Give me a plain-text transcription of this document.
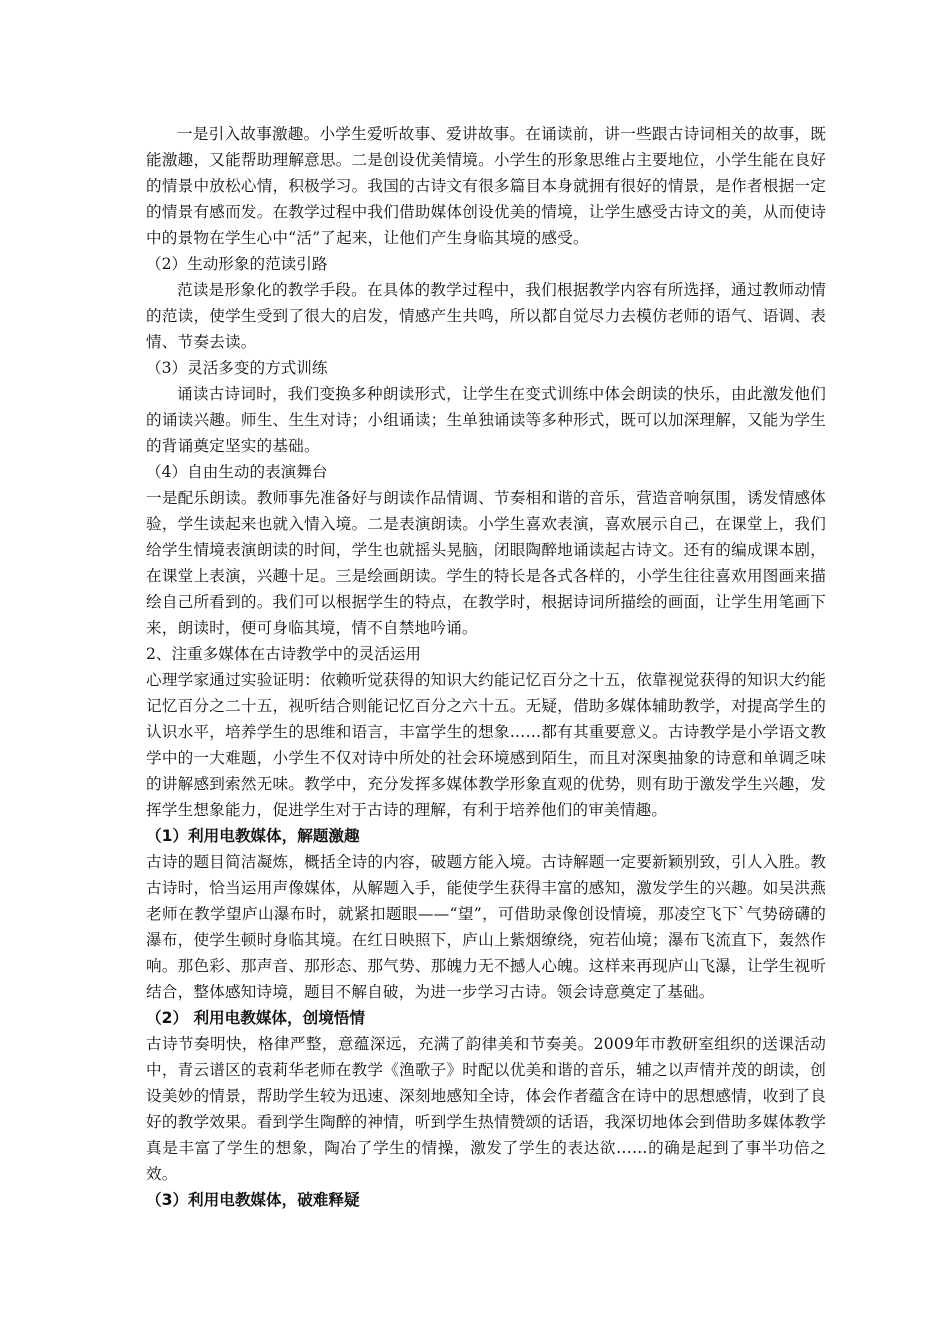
一是引入故事激趣。小学生爱听故事、爱讲故事。在诵读前，讲一些跟古诗词相关的故事，既能激趣，又能帮助理解意思。二是创设优美情境。小学生的形象思维占主要地位，小学生能在良好的情景中放松心情，积极学习。我国的古诗文有很多篇目本身就拥有很好的情景，是作者根据一定的情景有感而发。在教学过程中我们借助媒体创设优美的情境，让学生感受古诗文的美，从而使诗中的景物在学生心中“活”了起来，让他们产生身临其境的感受。

（2）生动形象的范读引路

范读是形象化的教学手段。在具体的教学过程中，我们根据教学内容有所选择，通过教师动情的范读，使学生受到了很大的启发，情感产生共鸣，所以都自觉尽力去模仿老师的语气、语调、表情、节奏去读。

（3）灵活多变的方式训练

诵读古诗词时，我们变换多种朗读形式，让学生在变式训练中体会朗读的快乐，由此激发他们的诵读兴趣。师生、生生对诗；小组诵读；生单独诵读等多种形式，既可以加深理解，又能为学生的背诵奠定坚实的基础。

（4）自由生动的表演舞台

一是配乐朗读。教师事先准备好与朗读作品情调、节奏相和谐的音乐，营造音响氛围，诱发情感体验，学生读起来也就入情入境。二是表演朗读。小学生喜欢表演，喜欢展示自己，在课堂上，我们给学生情境表演朗读的时间，学生也就摇头晃脑，闭眼陶醉地诵读起古诗文。还有的编成课本剧，在课堂上表演，兴趣十足。三是绘画朗读。学生的特长是各式各样的，小学生往往喜欢用图画来描绘自己所看到的。我们可以根据学生的特点，在教学时，根据诗词所描绘的画面，让学生用笔画下来，朗读时，便可身临其境，情不自禁地吟诵。

2、注重多媒体在古诗教学中的灵活运用

心理学家通过实验证明：依赖听觉获得的知识大约能记忆百分之十五，依靠视觉获得的知识大约能记忆百分之二十五，视听结合则能记忆百分之六十五。无疑，借助多媒体辅助教学，对提高学生的认识水平，培养学生的思维和语言，丰富学生的想象……都有其重要意义。古诗教学是小学语文教学中的一大难题，小学生不仅对诗中所处的社会环境感到陌生，而且对深奥抽象的诗意和单调乏味的讲解感到索然无味。教学中，充分发挥多媒体教学形象直观的优势，则有助于激发学生兴趣，发挥学生想象能力，促进学生对于古诗的理解，有利于培养他们的审美情趣。

（1）利用电教媒体，解题激趣

古诗的题目简洁凝炼，概括全诗的内容，破题方能入境。古诗解题一定要新颖别致，引人入胜。教古诗时，恰当运用声像媒体，从解题入手，能使学生获得丰富的感知，激发学生的兴趣。如吴洪燕老师在教学望庐山瀑布时，就紧扣题眼——“望”，可借助录像创设情境，那凌空飞下`气势磅礴的瀑布，使学生顿时身临其境。在红日映照下，庐山上紫烟缭绕，宛若仙境；瀑布飞流直下，轰然作响。那色彩、那声音、那形态、那气势、那魄力无不撼人心魄。这样来再现庐山飞瀑，让学生视听结合，整体感知诗境，题目不解自破，为进一步学习古诗。领会诗意奠定了基础。

（2） 利用电教媒体，创境悟情

古诗节奏明快，格律严整，意蕴深远，充满了韵律美和节奏美。2009年市教研室组织的送课活动中，青云谱区的袁莉华老师在教学《渔歌子》时配以优美和谐的音乐，辅之以声情并茂的朗读，创设美妙的情景，帮助学生较为迅速、深刻地感知全诗，体会作者蕴含在诗中的思想感情，收到了良好的教学效果。看到学生陶醉的神情，听到学生热情赞颂的话语，我深切地体会到借助多媒体教学真是丰富了学生的想象，陶冶了学生的情操，激发了学生的表达欲……的确是起到了事半功倍之效。

（3）利用电教媒体，破难释疑
